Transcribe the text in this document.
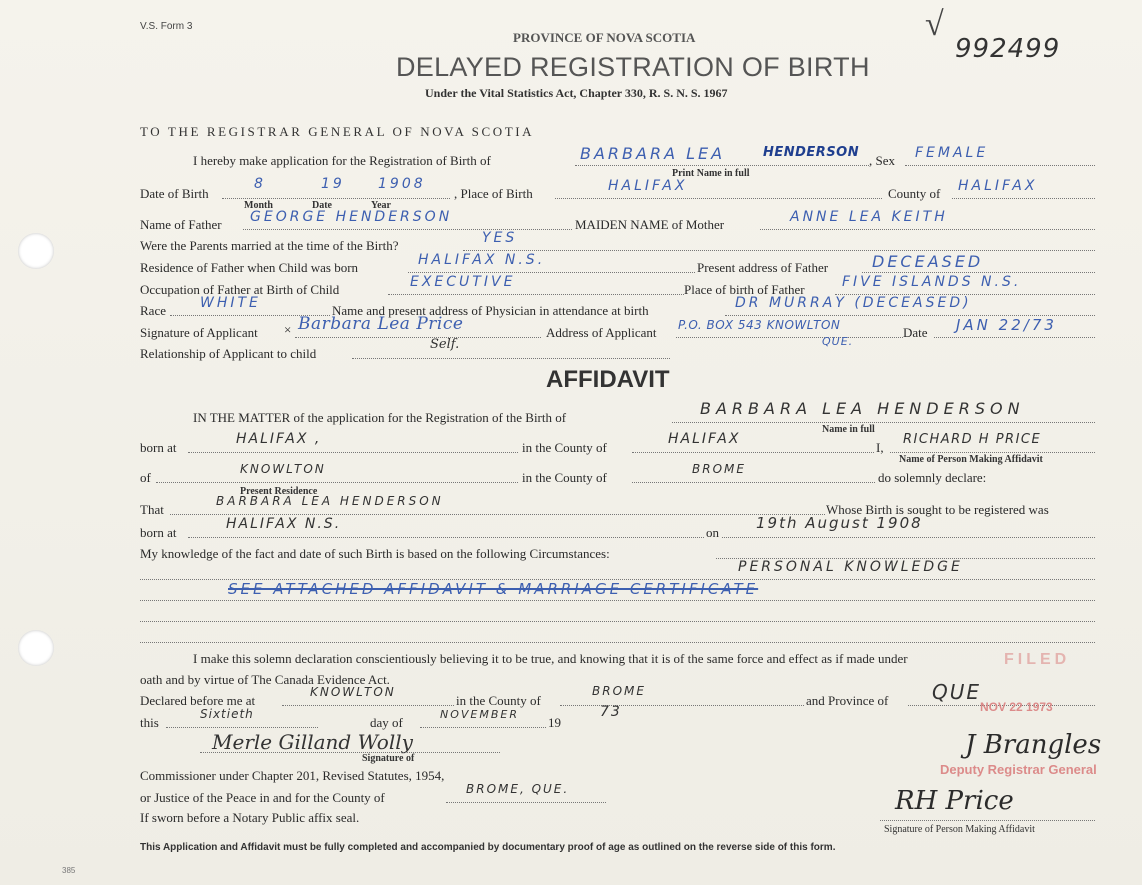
V.S. Form 3
PROVINCE OF NOVA SCOTIA
DELAYED REGISTRATION OF BIRTH
Under the Vital Statistics Act, Chapter 330, R. S. N. S. 1967
√
992499
TO THE REGISTRAR GENERAL OF NOVA SCOTIA
I hereby make application for the Registration of Birth of	BARBARA LEA	HENDERSON
Print Name in full
, Sex FEMALE
Date of Birth
8	19 1908
Month	Date	Year
, Place of Birth	HALIFAX	County of HALIFAX
Name of Father GEORGE HENDERSON	MAIDEN NAME of Mother	ANNE LEA KEITH
Were the Parents married at the time of the Birth?	YES
Residence of Father when Child was born	HALIFAX N.S.	Present address of Father	DECEASED
Occupation of Father at Birth of Child	EXECUTIVE	Place of birth of Father	FIVE ISLANDS N.S.
Race WHITE	Name and present address of Physician in attendance at birth	DR MURRAY (DECEASED)
Signature of Applicant × Barbara Lea Price	Address of Applicant P.O. BOX 543 KNOWLTON
QUE.
Date JAN 22/73
Relationship of Applicant to child
Self.
AFFIDAVIT
IN THE MATTER of the application for the Registration of the Birth of	BARBARA LEA HENDERSON
Name in full
born at
HALIFAX ,
in the County of
HALIFAX
I,
RICHARD H PRICE
Name of Person Making Affidavit
of
KNOWLTON
Present Residence
in the County of
BROME
do solemnly declare:
That
BARBARA LEA HENDERSON
Whose Birth is sought to be registered was
born at
HALIFAX N.S.
on
19th August 1908
My knowledge of the fact and date of such Birth is based on the following Circumstances:
PERSONAL KNOWLEDGE
SEE ATTACHED AFFIDAVIT & MARRIAGE CERTIFICATE
I make this solemn declaration conscientiously believing it to be true, and knowing that it is of the same force and effect as if made under
oath and by virtue of The Canada Evidence Act.
Declared before me at
KNOWLTON
in the County of
BROME
and Province of QUE
this
Sixtieth
day of
NOVEMBER
19
73
Merle Gilland Wolly
Signature of
Commissioner under Chapter 201, Revised Statutes, 1954,
or Justice of the Peace in and for the County of
BROME, QUE.
If sworn before a Notary Public affix seal.
FILED
NOV 22 1973
J Brangles
Deputy Registrar General
RH Price
Signature of Person Making Affidavit
This Application and Affidavit must be fully completed and accompanied by documentary proof of age as outlined on the reverse side of this form.
385
